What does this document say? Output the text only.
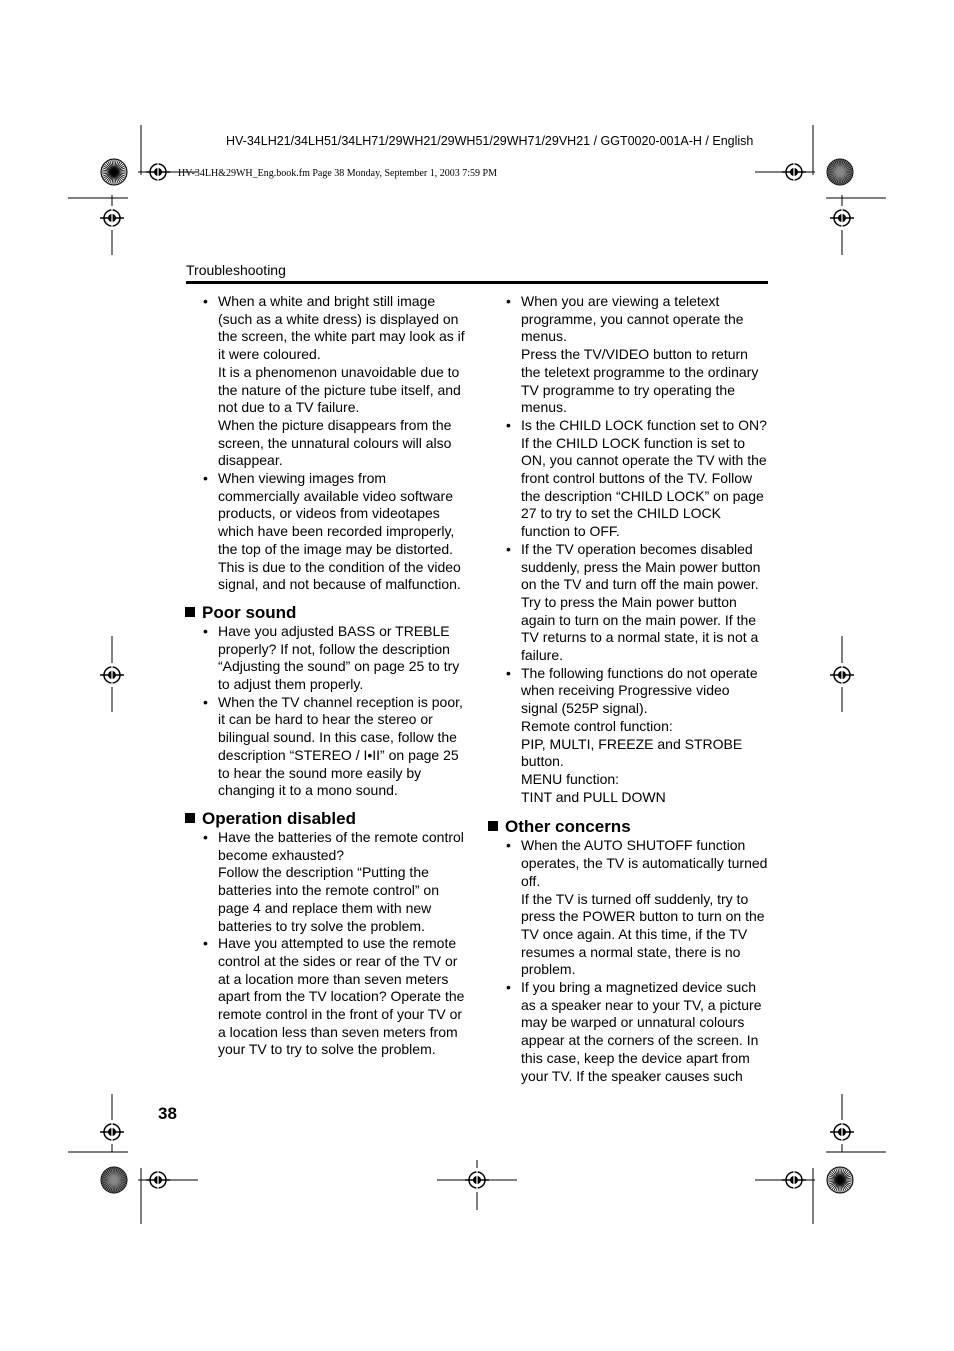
HV-34LH21/34LH51/34LH71/29WH21/29WH51/29WH71/29VH21 / GGT0020-001A-H / English
HV-34LH&29WH_Eng.book.fm Page 38 Monday, September 1, 2003 7:59 PM
Troubleshooting

• When a white and bright still image (such as a white dress) is displayed on the screen, the white part may look as if it were coloured.

It is a phenomenon unavoidable due to the nature of the picture tube itself, and not due to a TV failure.

When the picture disappears from the screen, the unnatural colours will also disappear.

• When viewing images from commercially available video software products, or videos from videotapes which have been recorded improperly, the top of the image may be distorted. This is due to the condition of the video signal, and not because of malfunction.

Poor sound

• Have you adjusted BASS or TREBLE properly? If not, follow the description “Adjusting the sound” on page 25 to try to adjust them properly.

• When the TV channel reception is poor, it can be hard to hear the stereo or bilingual sound. In this case, follow the description “STEREO / I•II” on page 25 to hear the sound more easily by changing it to a mono sound.

Operation disabled

• Have the batteries of the remote control become exhausted?

Follow the description “Putting the batteries into the remote control” on page 4 and replace them with new batteries to try solve the problem.

• Have you attempted to use the remote control at the sides or rear of the TV or at a location more than seven meters apart from the TV location? Operate the remote control in the front of your TV or a location less than seven meters from your TV to try to solve the problem.

• When you are viewing a teletext programme, you cannot operate the menus.

Press the TV/VIDEO button to return the teletext programme to the ordinary TV programme to try operating the menus.

• Is the CHILD LOCK function set to ON? If the CHILD LOCK function is set to ON, you cannot operate the TV with the front control buttons of the TV. Follow the description “CHILD LOCK” on page 27 to try to set the CHILD LOCK function to OFF.

• If the TV operation becomes disabled suddenly, press the Main power button on the TV and turn off the main power. Try to press the Main power button again to turn on the main power. If the TV returns to a normal state, it is not a failure.

• The following functions do not operate when receiving Progressive video signal (525P signal).

Remote control function:

PIP, MULTI, FREEZE and STROBE button.

MENU function:

TINT and PULL DOWN

Other concerns

• When the AUTO SHUTOFF function operates, the TV is automatically turned off.

If the TV is turned off suddenly, try to press the POWER button to turn on the TV once again. At this time, if the TV resumes a normal state, there is no problem.

• If you bring a magnetized device such as a speaker near to your TV, a picture may be warped or unnatural colours appear at the corners of the screen. In this case, keep the device apart from your TV. If the speaker causes such

38
